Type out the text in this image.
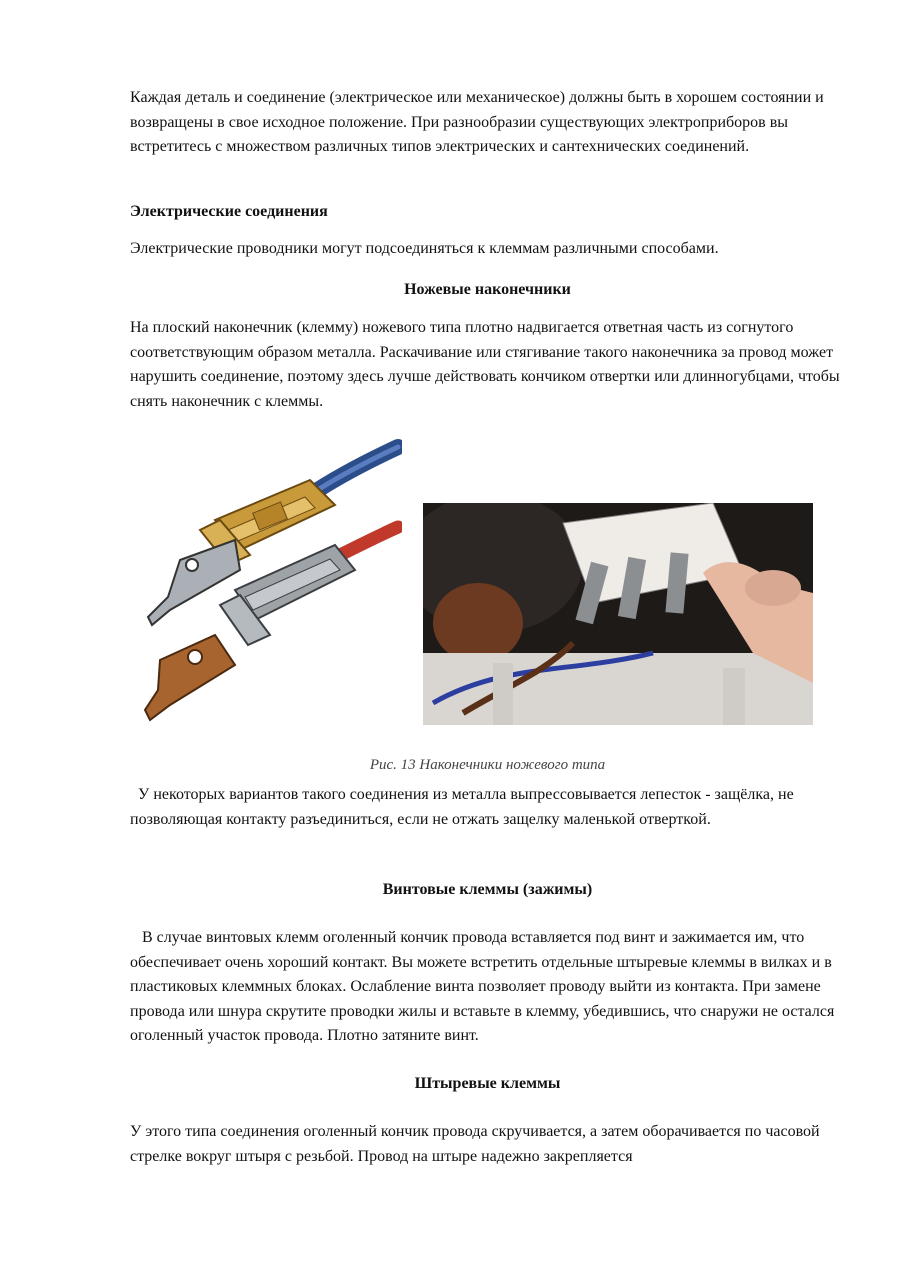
Каждая деталь и соединение (электрическое или механическое) должны быть в хорошем состоянии и возвращены в свое исходное положение. При разнообразии существующих электроприборов вы встретитесь с множеством различных типов электрических и сантехнических соединений.

Электрические соединения

Электрические проводники могут подсоединяться к клеммам различными способами.

Ножевые наконечники

На плоский наконечник (клемму) ножевого типа плотно надвигается ответная часть из согнутого соответствующим образом металла. Раскачивание или стягивание такого наконечника за провод может нарушить соединение, поэтому здесь лучше действовать кончиком отвертки или длинногубцами, чтобы снять наконечник с клеммы.

Рис. 13 Наконечники ножевого типа

У некоторых вариантов такого соединения из металла выпрессовывается лепесток - защёлка, не позволяющая контакту разъединиться, если не отжать защелку маленькой отверткой.

Винтовые клеммы (зажимы)

В случае винтовых клемм оголенный кончик провода вставляется под винт и зажимается им, что обеспечивает очень хороший контакт. Вы можете встретить отдельные штыревые клеммы в вилках и в пластиковых клеммных блоках. Ослабление винта позволяет проводу выйти из контакта. При замене провода или шнура скрутите проводки жилы и вставьте в клемму, убедившись, что снаружи не остался оголенный участок провода. Плотно затяните винт.

Штыревые клеммы

У этого типа соединения оголенный кончик провода скручивается, а затем оборачивается по часовой стрелке вокруг штыря с резьбой. Провод на штыре надежно закрепляется
